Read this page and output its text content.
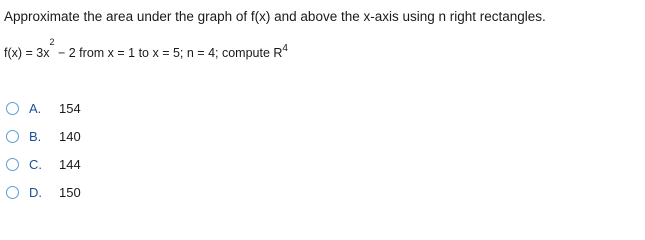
Approximate the area under the graph of f(x) and above the x-axis using n right rectangles.
$f(x) = 3x^2 - 2$ from x = 1 to x = 5; n = 4; compute $R_4$
A.	154
B.	140
C.	144
D.	150
